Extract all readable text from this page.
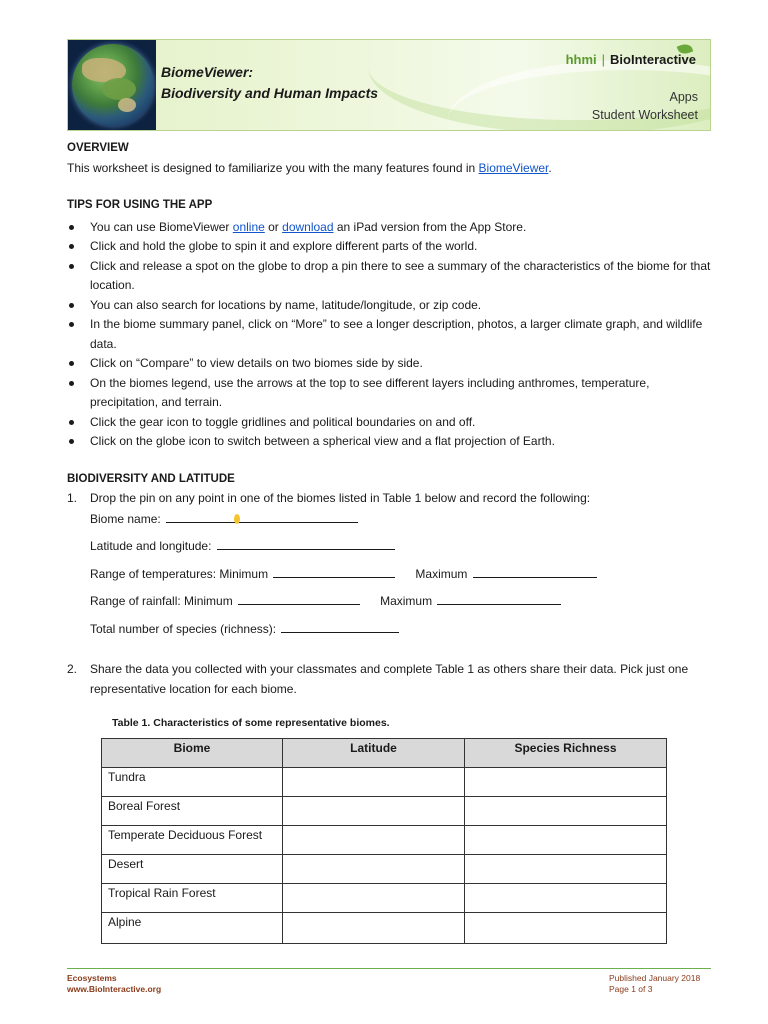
BiomeViewer:
Biodiversity and Human Impacts
hhmi | BioInteractive
Apps
Student Worksheet

OVERVIEW

This worksheet is designed to familiarize you with the many features found in BiomeViewer.

TIPS FOR USING THE APP

You can use BiomeViewer online or download an iPad version from the App Store.
Click and hold the globe to spin it and explore different parts of the world.
Click and release a spot on the globe to drop a pin there to see a summary of the characteristics of the biome for that location.
You can also search for locations by name, latitude/longitude, or zip code.
In the biome summary panel, click on “More” to see a longer description, photos, a larger climate graph, and wildlife data.
Click on “Compare” to view details on two biomes side by side.
On the biomes legend, use the arrows at the top to see different layers including anthromes, temperature, precipitation, and terrain.
Click the gear icon to toggle gridlines and political boundaries on and off.
Click on the globe icon to switch between a spherical view and a flat projection of Earth.

BIODIVERSITY AND LATITUDE

1. Drop the pin on any point in one of the biomes listed in Table 1 below and record the following:
Biome name:
Latitude and longitude:
Range of temperatures: Minimum	Maximum
Range of rainfall: Minimum	Maximum
Total number of species (richness):
2. Share the data you collected with your classmates and complete Table 1 as others share their data. Pick just one representative location for each biome.
Table 1. Characteristics of some representative biomes.
Biome	Latitude	Species Richness
Tundra		
Boreal Forest		
Temperate Deciduous Forest		
Desert		
Tropical Rain Forest		
Alpine		
Ecosystems
www.BioInteractive.org
Published January 2018
Page 1 of 3
